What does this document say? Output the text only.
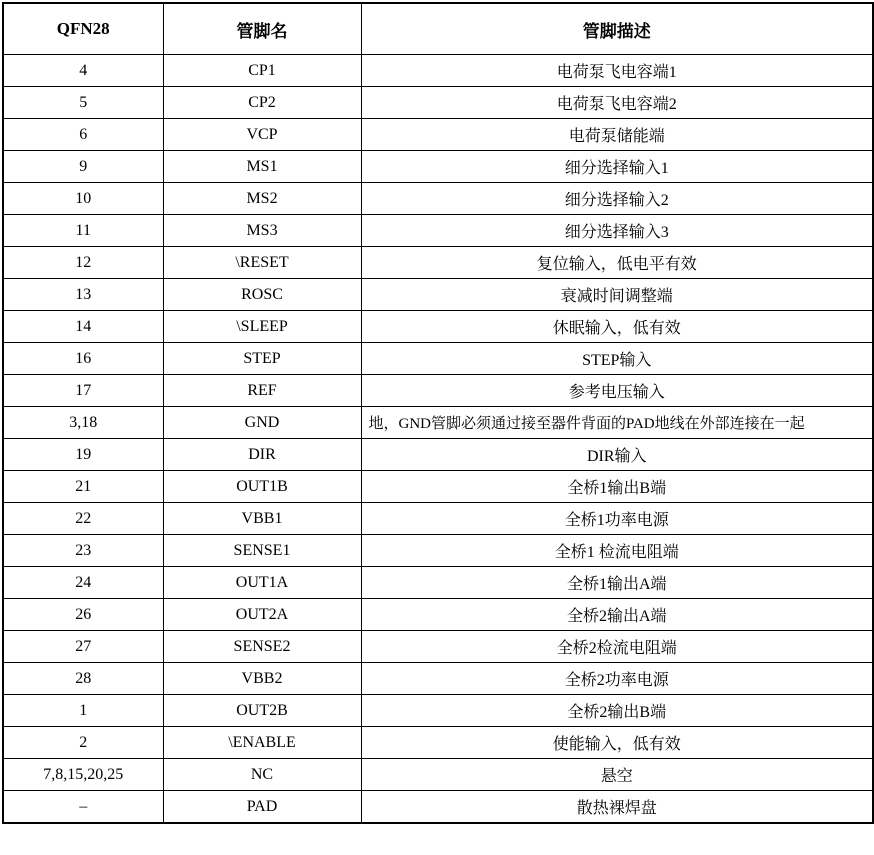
QFN28	管脚名	管脚描述
4	CP1	电荷泵飞电容端1
5	CP2	电荷泵飞电容端2
6	VCP	电荷泵储能端
9	MS1	细分选择输入1
10	MS2	细分选择输入2
11	MS3	细分选择输入3
12	\RESET	复位输入，低电平有效
13	ROSC	衰减时间调整端
14	\SLEEP	休眠输入，低有效
16	STEP	STEP输入
17	REF	参考电压输入
3,18	GND	地，GND管脚必须通过接至器件背面的PAD地线在外部连接在一起
19	DIR	DIR输入
21	OUT1B	全桥1输出B端
22	VBB1	全桥1功率电源
23	SENSE1	全桥1 检流电阻端
24	OUT1A	全桥1输出A端
26	OUT2A	全桥2输出A端
27	SENSE2	全桥2检流电阻端
28	VBB2	全桥2功率电源
1	OUT2B	全桥2输出B端
2	\ENABLE	使能输入，低有效
7,8,15,20,25	NC	悬空
–	PAD	散热裸焊盘
